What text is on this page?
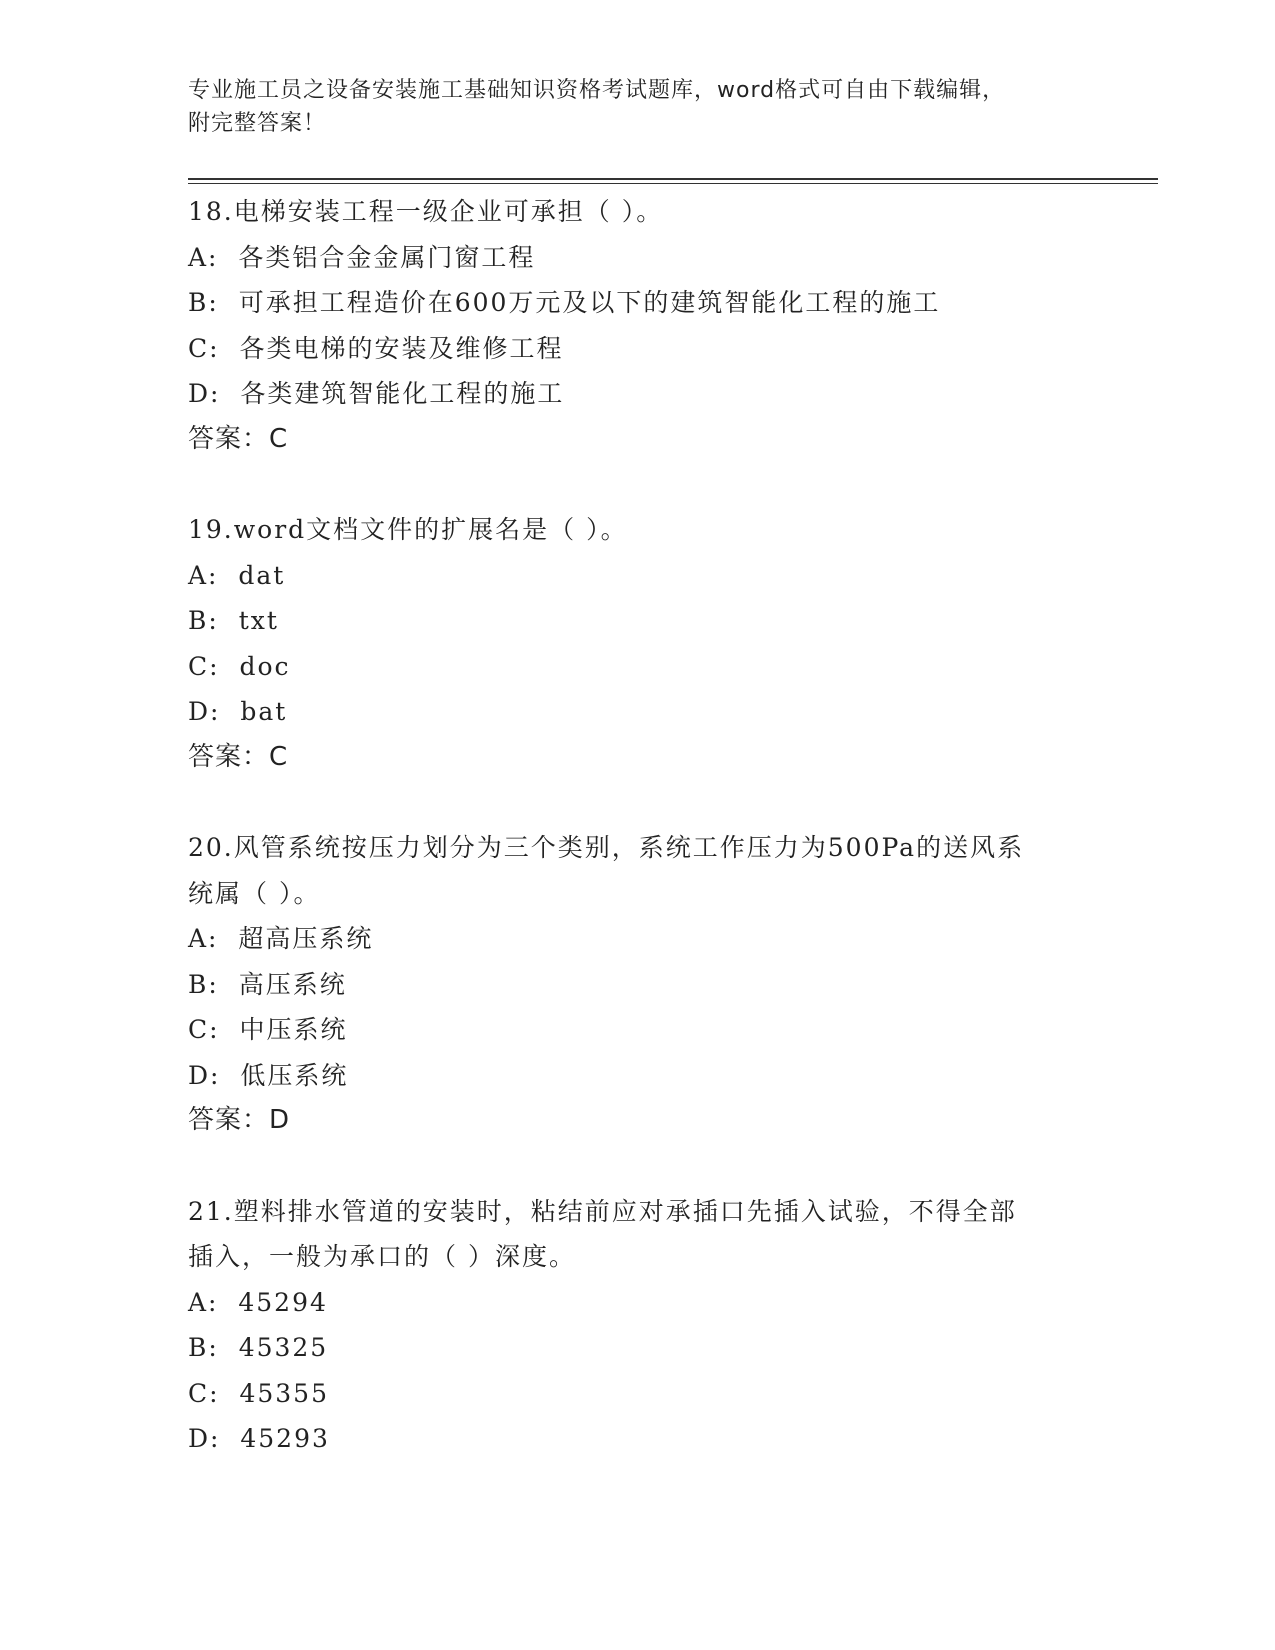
专业施工员之设备安装施工基础知识资格考试题库，word格式可自由下载编辑，
附完整答案！
18.电梯安装工程一级企业可承担（ ）。
A:  各类铝合金金属门窗工程
B:  可承担工程造价在600万元及以下的建筑智能化工程的施工
C:  各类电梯的安装及维修工程
D:  各类建筑智能化工程的施工
答案：C
19.word文档文件的扩展名是（ ）。
A:  dat
B:  txt
C:  doc
D:  bat
答案：C
20.风管系统按压力划分为三个类别，系统工作压力为500Pa的送风系
统属（ ）。
A:  超高压系统
B:  高压系统
C:  中压系统
D:  低压系统
答案：D
21.塑料排水管道的安装时，粘结前应对承插口先插入试验，不得全部
插入，一般为承口的（ ）深度。
A:  45294
B:  45325
C:  45355
D:  45293
